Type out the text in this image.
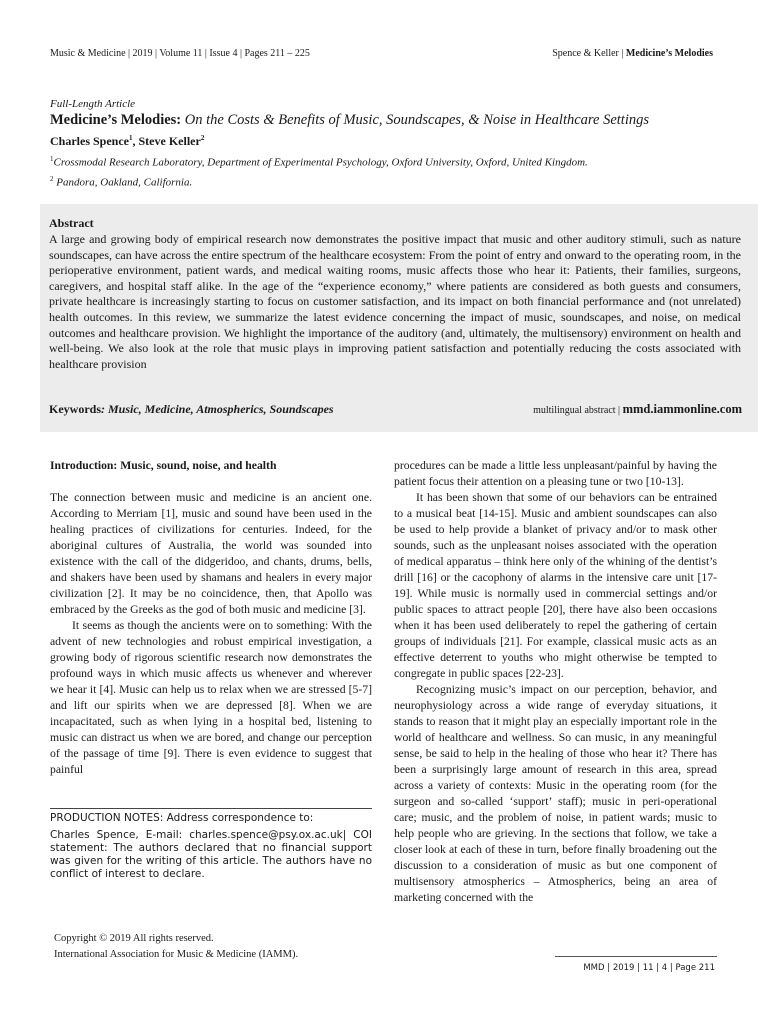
Music & Medicine | 2019 | Volume 11 | Issue 4 | Pages 211 – 225	Spence & Keller | Medicine’s Melodies

Full-Length Article

Medicine’s Melodies: On the Costs & Benefits of Music, Soundscapes, & Noise in Healthcare Settings

Charles Spence$^1$, Steve Keller$^2$

$^1$Crossmodal Research Laboratory, Department of Experimental Psychology, Oxford University, Oxford, United Kingdom.
$^2$ Pandora, Oakland, California.

Abstract

A large and growing body of empirical research now demonstrates the positive impact that music and other auditory stimuli, such as nature soundscapes, can have across the entire spectrum of the healthcare ecosystem: From the point of entry and onward to the operating room, in the perioperative environment, patient wards, and medical waiting rooms, music affects those who hear it: Patients, their families, surgeons, caregivers, and hospital staff alike. In the age of the “experience economy,” where patients are considered as both guests and consumers, private healthcare is increasingly starting to focus on customer satisfaction, and its impact on both financial performance and (not unrelated) health outcomes. In this review, we summarize the latest evidence concerning the impact of music, soundscapes, and noise, on medical outcomes and healthcare provision. We highlight the importance of the auditory (and, ultimately, the multisensory) environment on health and well-being. We also look at the role that music plays in improving patient satisfaction and potentially reducing the costs associated with healthcare provision

Keywords: Music, Medicine, Atmospherics, Soundscapes	multilingual abstract | mmd.iammonline.com

Introduction: Music, sound, noise, and health

The connection between music and medicine is an ancient one. According to Merriam [1], music and sound have been used in the healing practices of civilizations for centuries. Indeed, for the aboriginal cultures of Australia, the world was sounded into existence with the call of the didgeridoo, and chants, drums, bells, and shakers have been used by shamans and healers in every major civilization [2]. It may be no coincidence, then, that Apollo was embraced by the Greeks as the god of both music and medicine [3].

It seems as though the ancients were on to something: With the advent of new technologies and robust empirical investigation, a growing body of rigorous scientific research now demonstrates the profound ways in which music affects us whenever and wherever we hear it [4]. Music can help us to relax when we are stressed [5-7] and lift our spirits when we are depressed [8]. When we are incapacitated, such as when lying in a hospital bed, listening to music can distract us when we are bored, and change our perception of the passage of time [9]. There is even evidence to suggest that painful

procedures can be made a little less unpleasant/painful by having the patient focus their attention on a pleasing tune or two [10-13].

It has been shown that some of our behaviors can be entrained to a musical beat [14-15]. Music and ambient soundscapes can also be used to help provide a blanket of privacy and/or to mask other sounds, such as the unpleasant noises associated with the operation of medical apparatus – think here only of the whining of the dentist’s drill [16] or the cacophony of alarms in the intensive care unit [17-19]. While music is normally used in commercial settings and/or public spaces to attract people [20], there have also been occasions when it has been used deliberately to repel the gathering of certain groups of individuals [21]. For example, classical music acts as an effective deterrent to youths who might otherwise be tempted to congregate in public spaces [22-23].

Recognizing music’s impact on our perception, behavior, and neurophysiology across a wide range of everyday situations, it stands to reason that it might play an especially important role in the world of healthcare and wellness. So can music, in any meaningful sense, be said to help in the healing of those who hear it? There has been a surprisingly large amount of research in this area, spread across a variety of contexts: Music in the operating room (for the surgeon and so-called ‘support’ staff); music in peri-operational care; music, and the problem of noise, in patient wards; music to help people who are grieving. In the sections that follow, we take a closer look at each of these in turn, before finally broadening out the discussion to a consideration of music as but one component of multisensory atmospherics – Atmospherics, being an area of marketing concerned with the

PRODUCTION NOTES: Address correspondence to:

Charles Spence, E-mail: charles.spence@psy.ox.ac.uk| COI statement: The authors declared that no financial support was given for the writing of this article. The authors have no conflict of interest to declare.

Copyright © 2019 All rights reserved.
International Association for Music & Medicine (IAMM).
MMD | 2019 | 11 | 4 | Page 211
